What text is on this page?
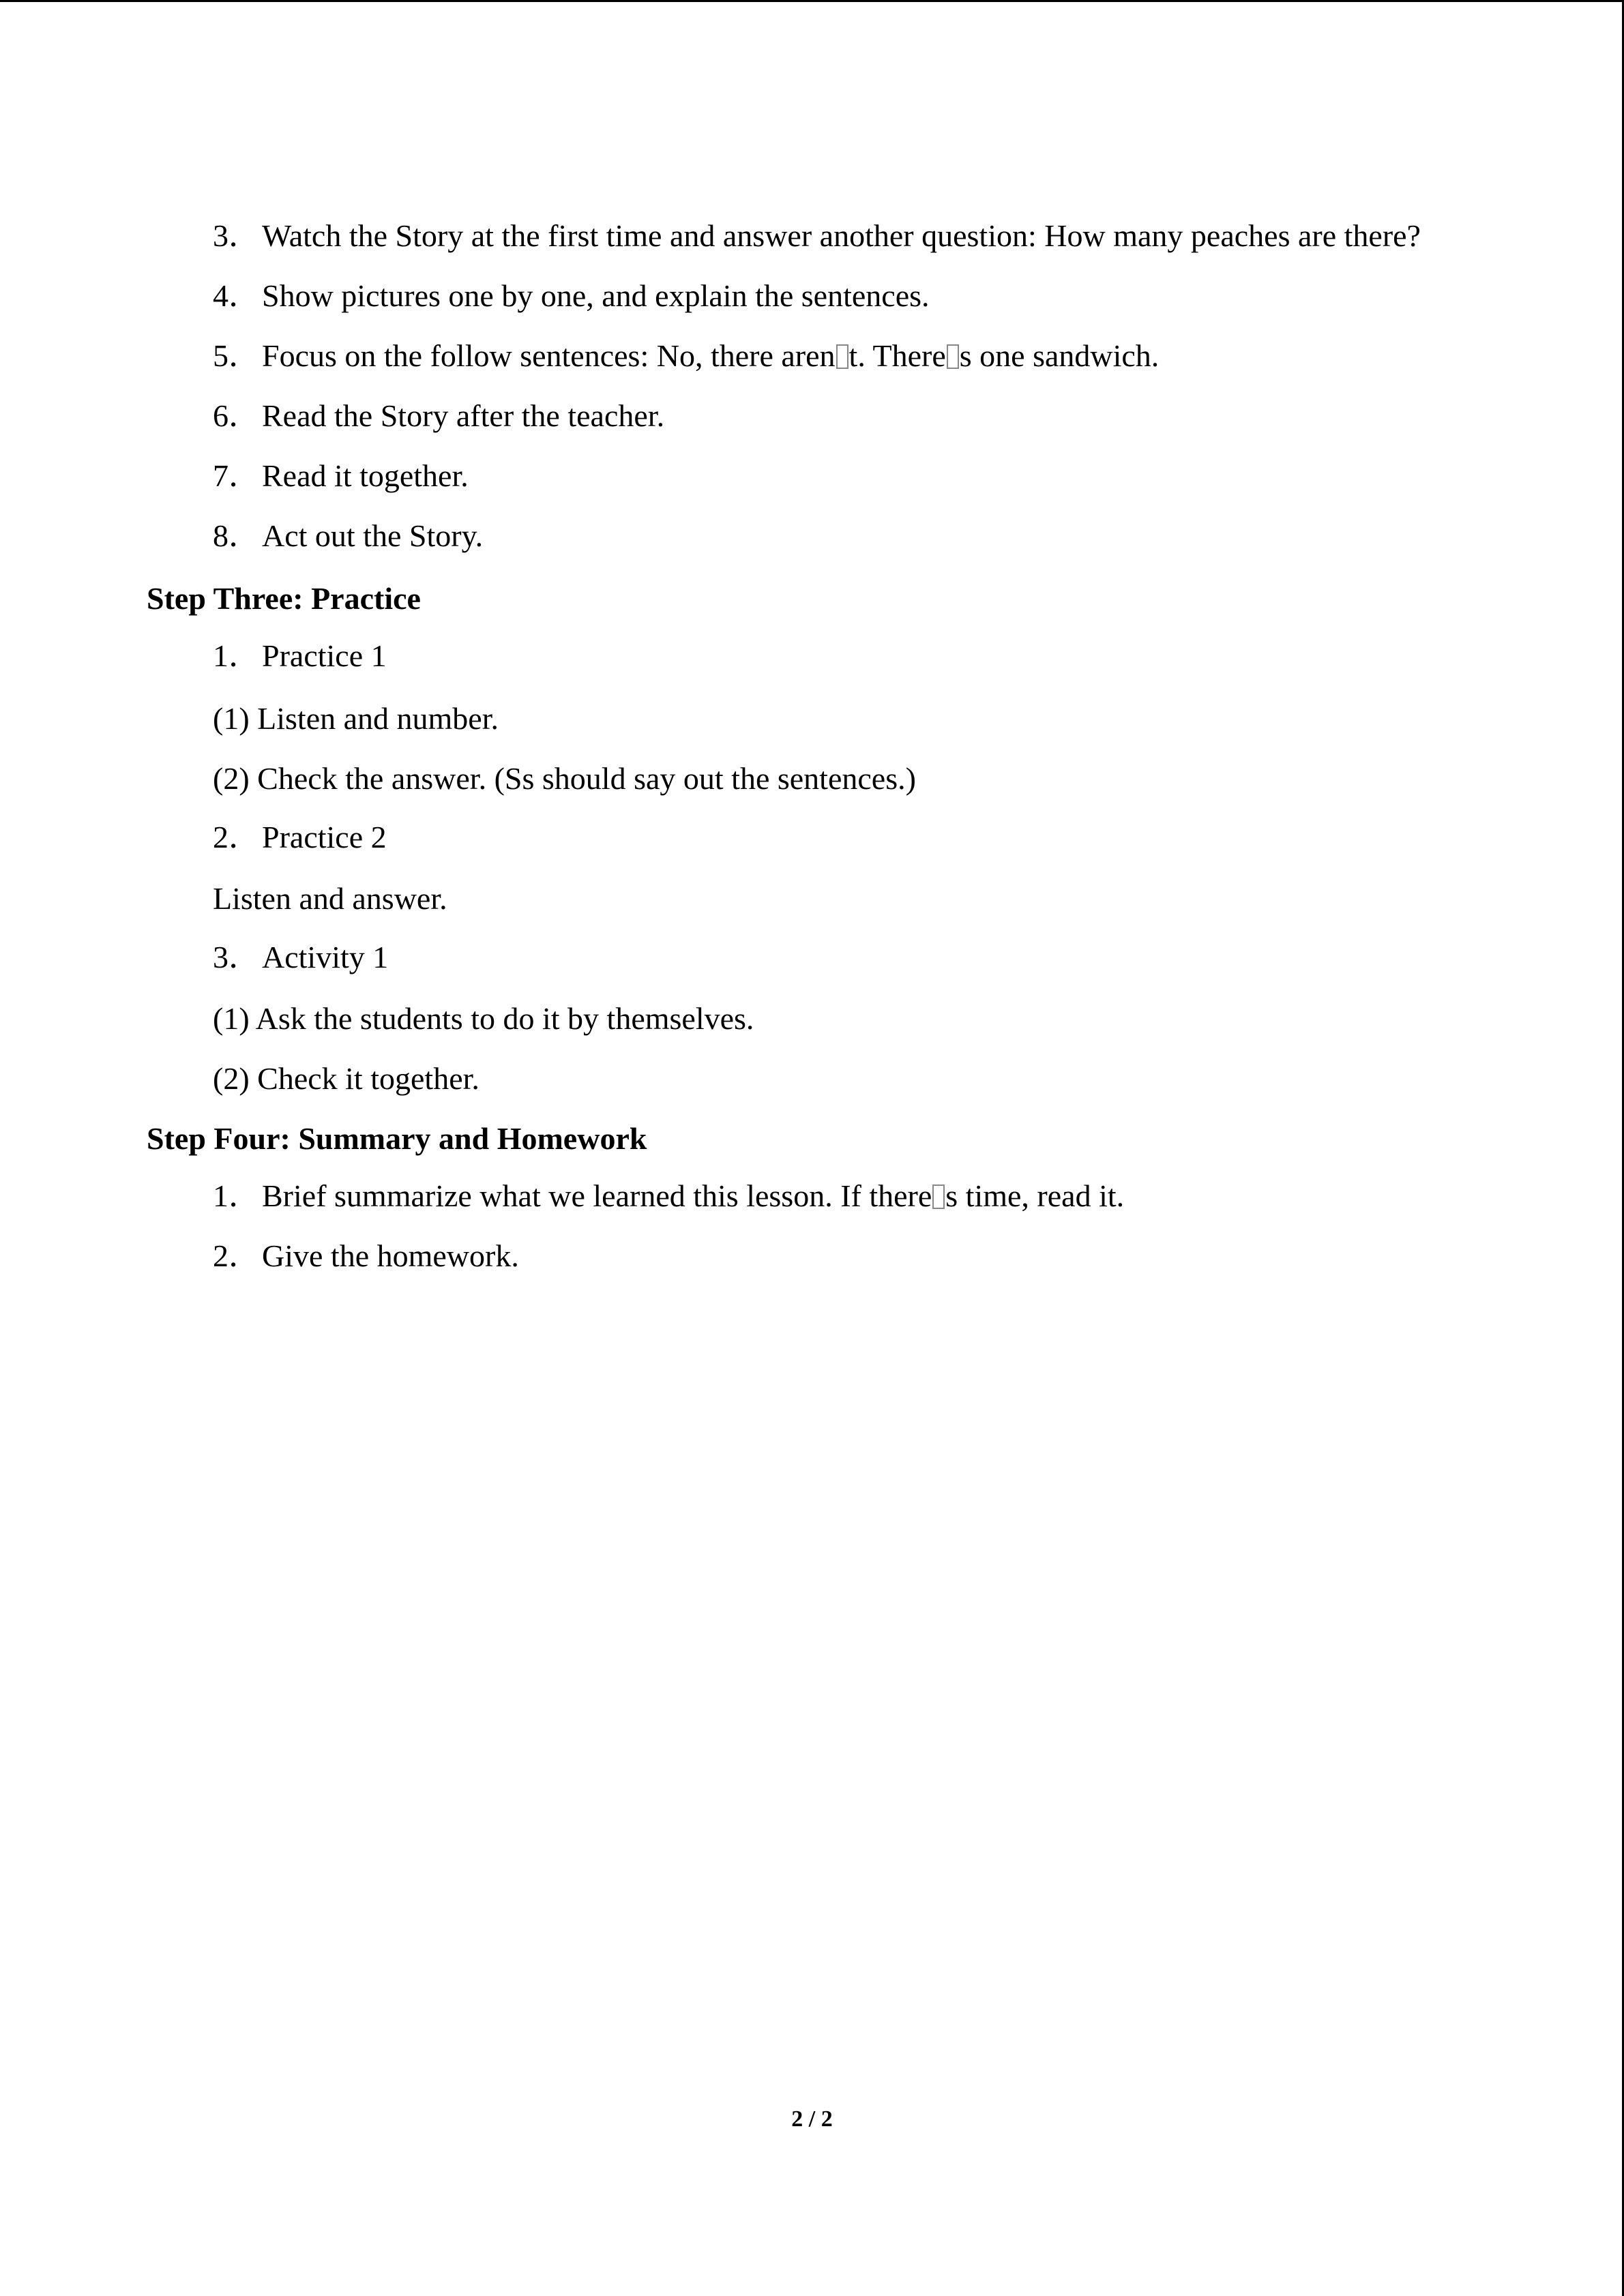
3． Watch the Story at the first time and answer another question: How many peaches are there?
4． Show pictures one by one, and explain the sentences.
5． Focus on the follow sentences: No, there aren t. There s one sandwich.
6． Read the Story after the teacher.
7． Read it together.
8． Act out the Story.
Step Three: Practice
1． Practice 1
(1) Listen and number.
(2) Check the answer. (Ss should say out the sentences.)
2． Practice 2
Listen and answer.
3． Activity 1
(1) Ask the students to do it by themselves.
(2) Check it together.
Step Four: Summary and Homework
1． Brief summarize what we learned this lesson. If there s time, read it.
2． Give the homework.
2 / 2
